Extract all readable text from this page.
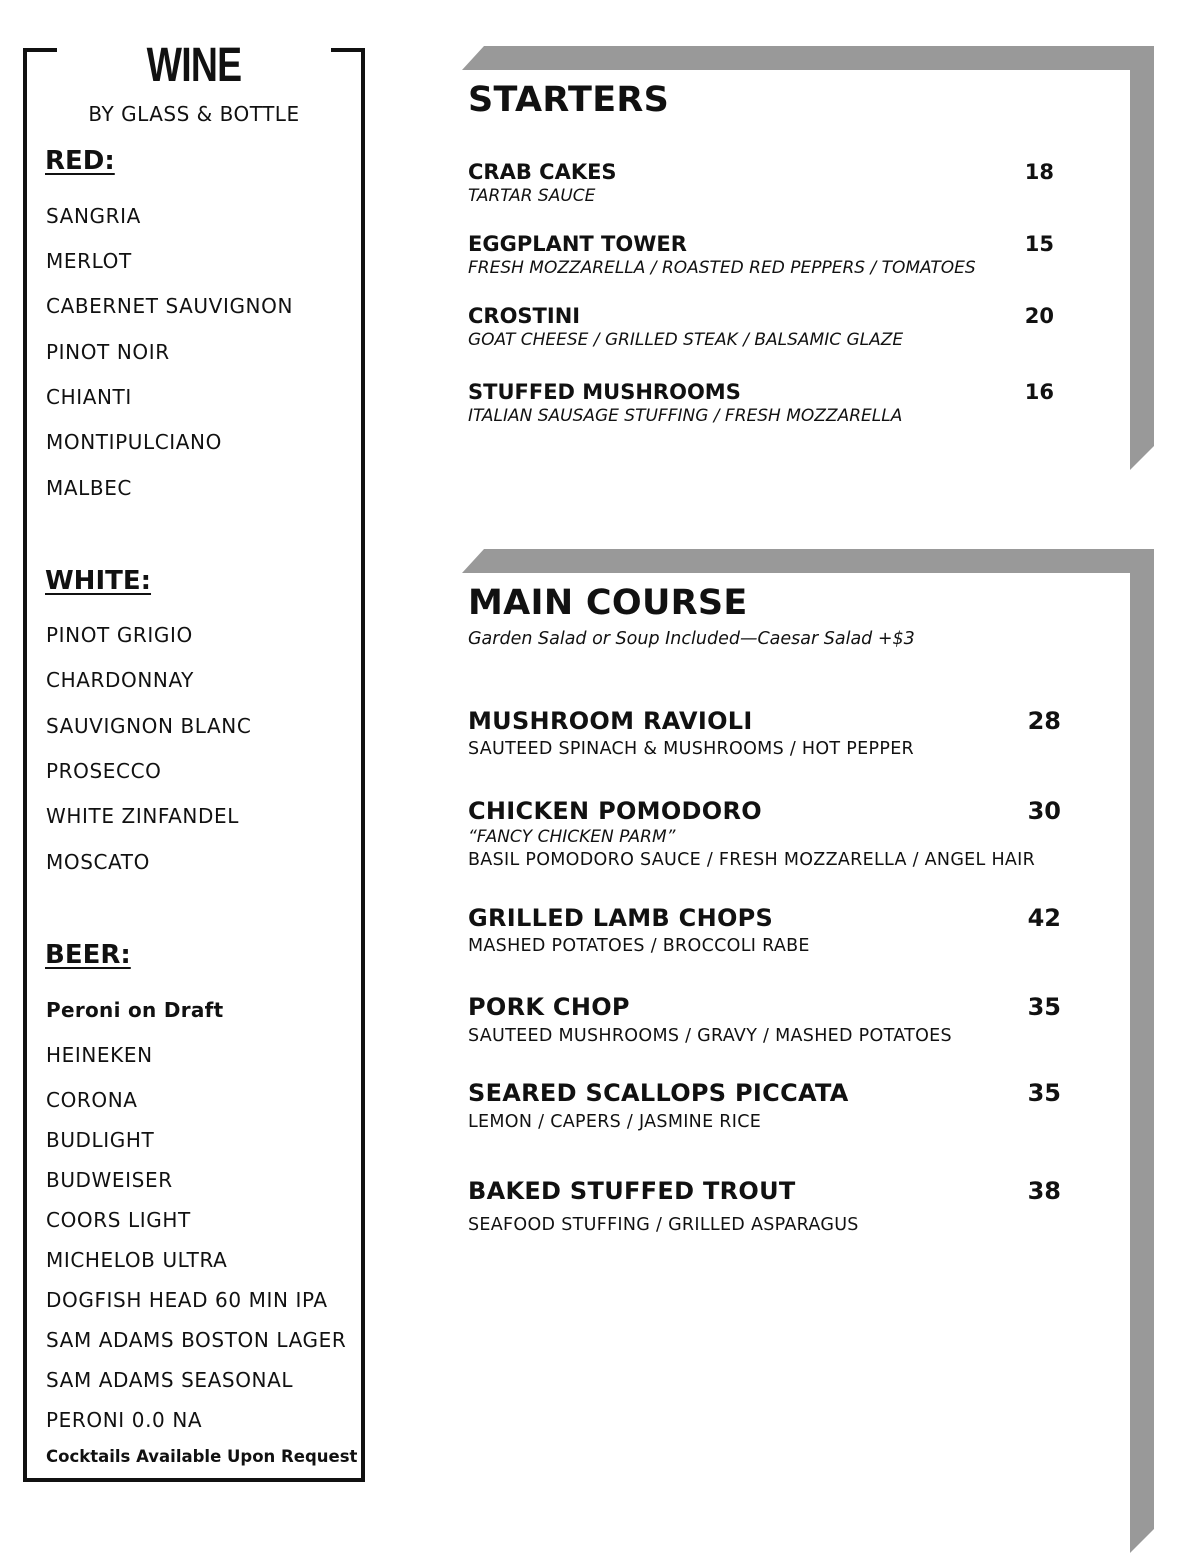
WINE
BY GLASS & BOTTLE
RED:

SANGRIA

MERLOT

CABERNET SAUVIGNON

PINOT NOIR

CHIANTI

MONTIPULCIANO

MALBEC

WHITE:

PINOT GRIGIO

CHARDONNAY

SAUVIGNON BLANC

PROSECCO

WHITE ZINFANDEL

MOSCATO

BEER:

Peroni on Draft

HEINEKEN

CORONA

BUDLIGHT

BUDWEISER

COORS LIGHT

MICHELOB ULTRA

DOGFISH HEAD 60 MIN IPA

SAM ADAMS BOSTON LAGER

SAM ADAMS SEASONAL

PERONI 0.0 NA

Cocktails Available Upon Request
STARTERS

CRAB CAKES	18

TARTAR SAUCE

EGGPLANT TOWER	15

FRESH MOZZARELLA / ROASTED RED PEPPERS / TOMATOES

CROSTINI	20

GOAT CHEESE / GRILLED STEAK / BALSAMIC GLAZE

STUFFED MUSHROOMS	16

ITALIAN SAUSAGE STUFFING / FRESH MOZZARELLA

MAIN COURSE

Garden Salad or Soup Included—Caesar Salad +$3

MUSHROOM RAVIOLI	28

SAUTEED SPINACH & MUSHROOMS / HOT PEPPER

CHICKEN POMODORO	30

“FANCY CHICKEN PARM”

BASIL POMODORO SAUCE / FRESH MOZZARELLA / ANGEL HAIR

GRILLED LAMB CHOPS	42

MASHED POTATOES / BROCCOLI RABE

PORK CHOP	35

SAUTEED MUSHROOMS / GRAVY / MASHED POTATOES

SEARED SCALLOPS PICCATA	35

LEMON / CAPERS / JASMINE RICE

BAKED STUFFED TROUT	38

SEAFOOD STUFFING / GRILLED ASPARAGUS
